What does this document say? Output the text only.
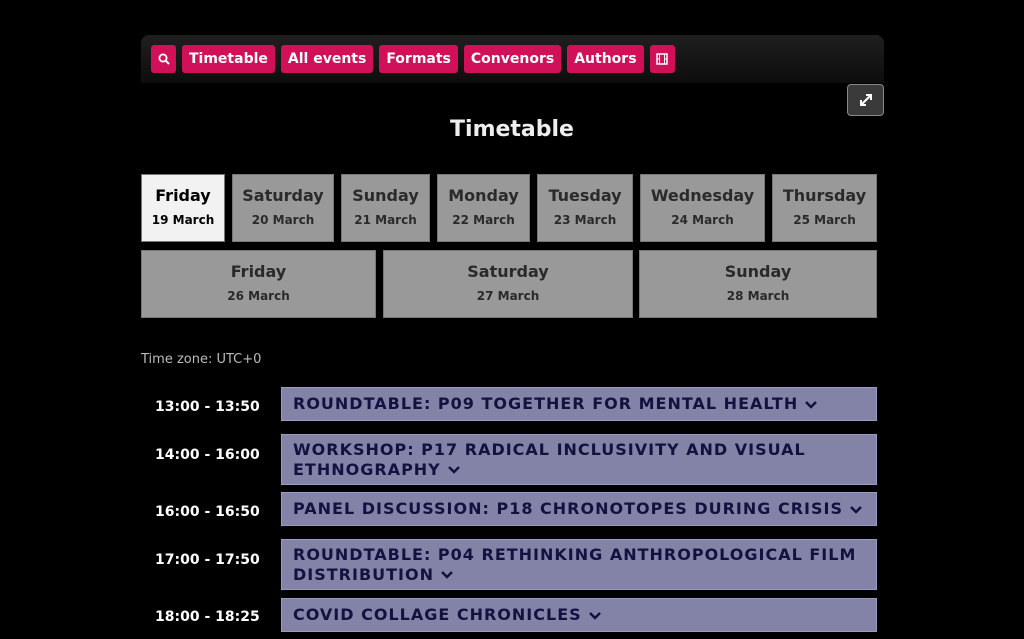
Timetable	All events	Formats	Convenors	Authors
Timetable
Friday
19 March
Saturday
20 March
Sunday
21 March
Monday
22 March
Tuesday
23 March
Wednesday
24 March
Thursday
25 March
Friday
26 March
Saturday
27 March
Sunday
28 March
Time zone: UTC+0
13:00 - 13:50 ROUNDTABLE: P09 TOGETHER FOR MENTAL HEALTH
14:00 - 16:00 WORKSHOP: P17 RADICAL INCLUSIVITY AND VISUAL ETHNOGRAPHY
16:00 - 16:50 PANEL DISCUSSION: P18 CHRONOTOPES DURING CRISIS
17:00 - 17:50 ROUNDTABLE: P04 RETHINKING ANTHROPOLOGICAL FILM DISTRIBUTION
18:00 - 18:25 COVID COLLAGE CHRONICLES
